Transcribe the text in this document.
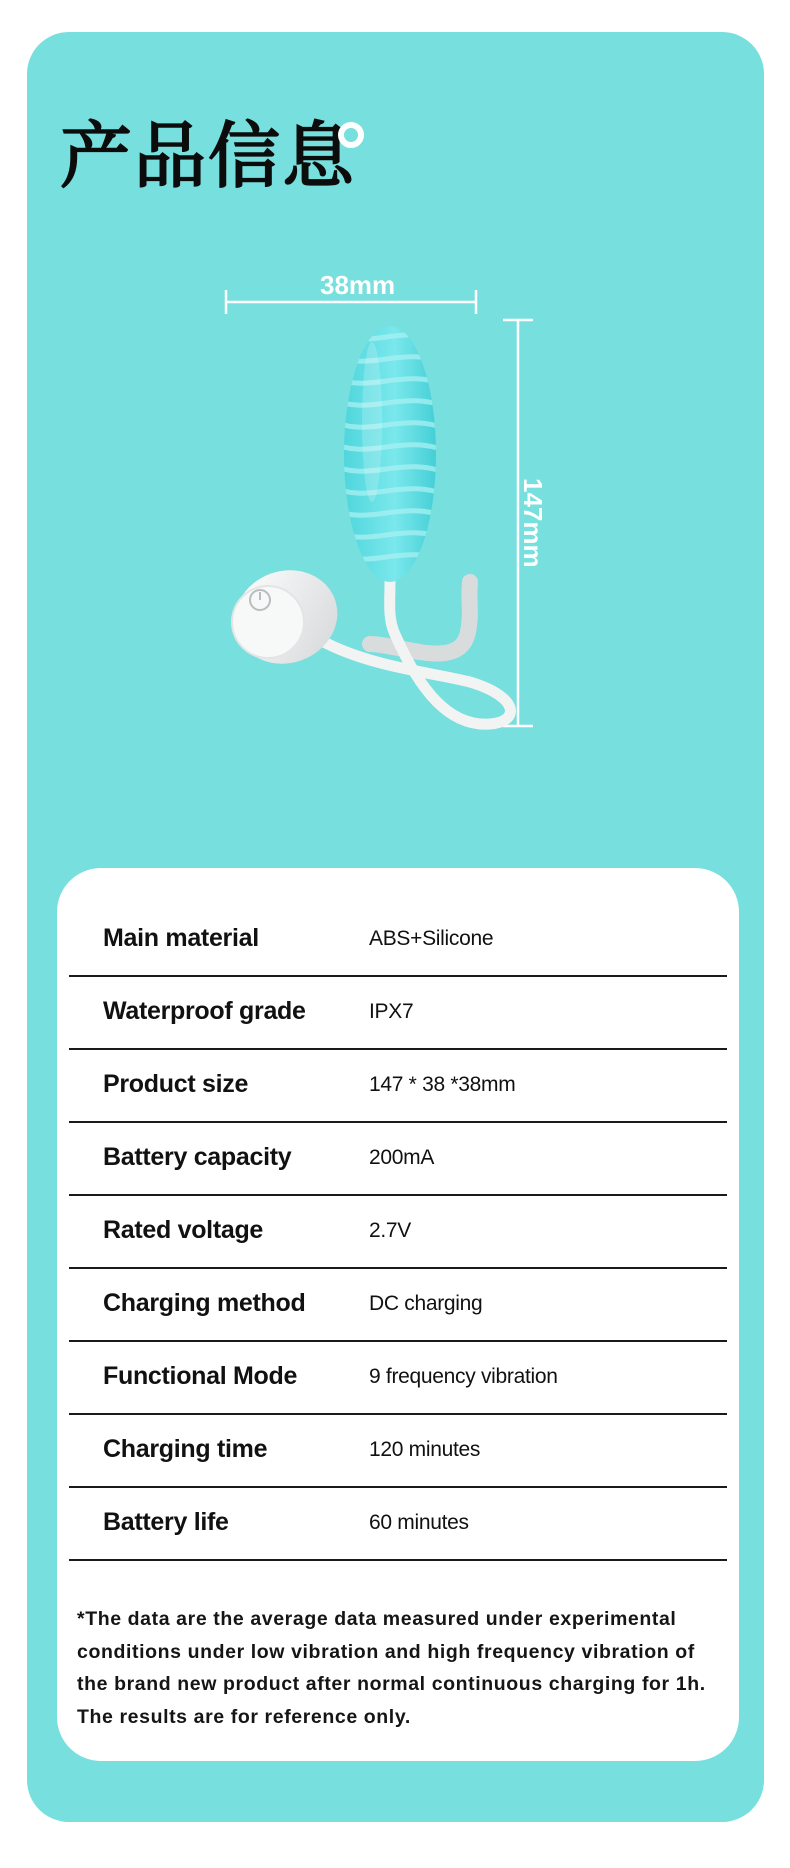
产品信息
38mm
147mm
Main material	ABS+Silicone
Waterproof grade	IPX7
Product size	147 * 38 *38mm
Battery capacity	200mA
Rated voltage	2.7V
Charging method	DC charging
Functional Mode	9 frequency vibration
Charging time	120 minutes
Battery life	60 minutes
*The data are the average data measured under experimental conditions under low vibration and high frequency vibration of the brand new product after normal continuous charging for 1h. The results are for reference only.
